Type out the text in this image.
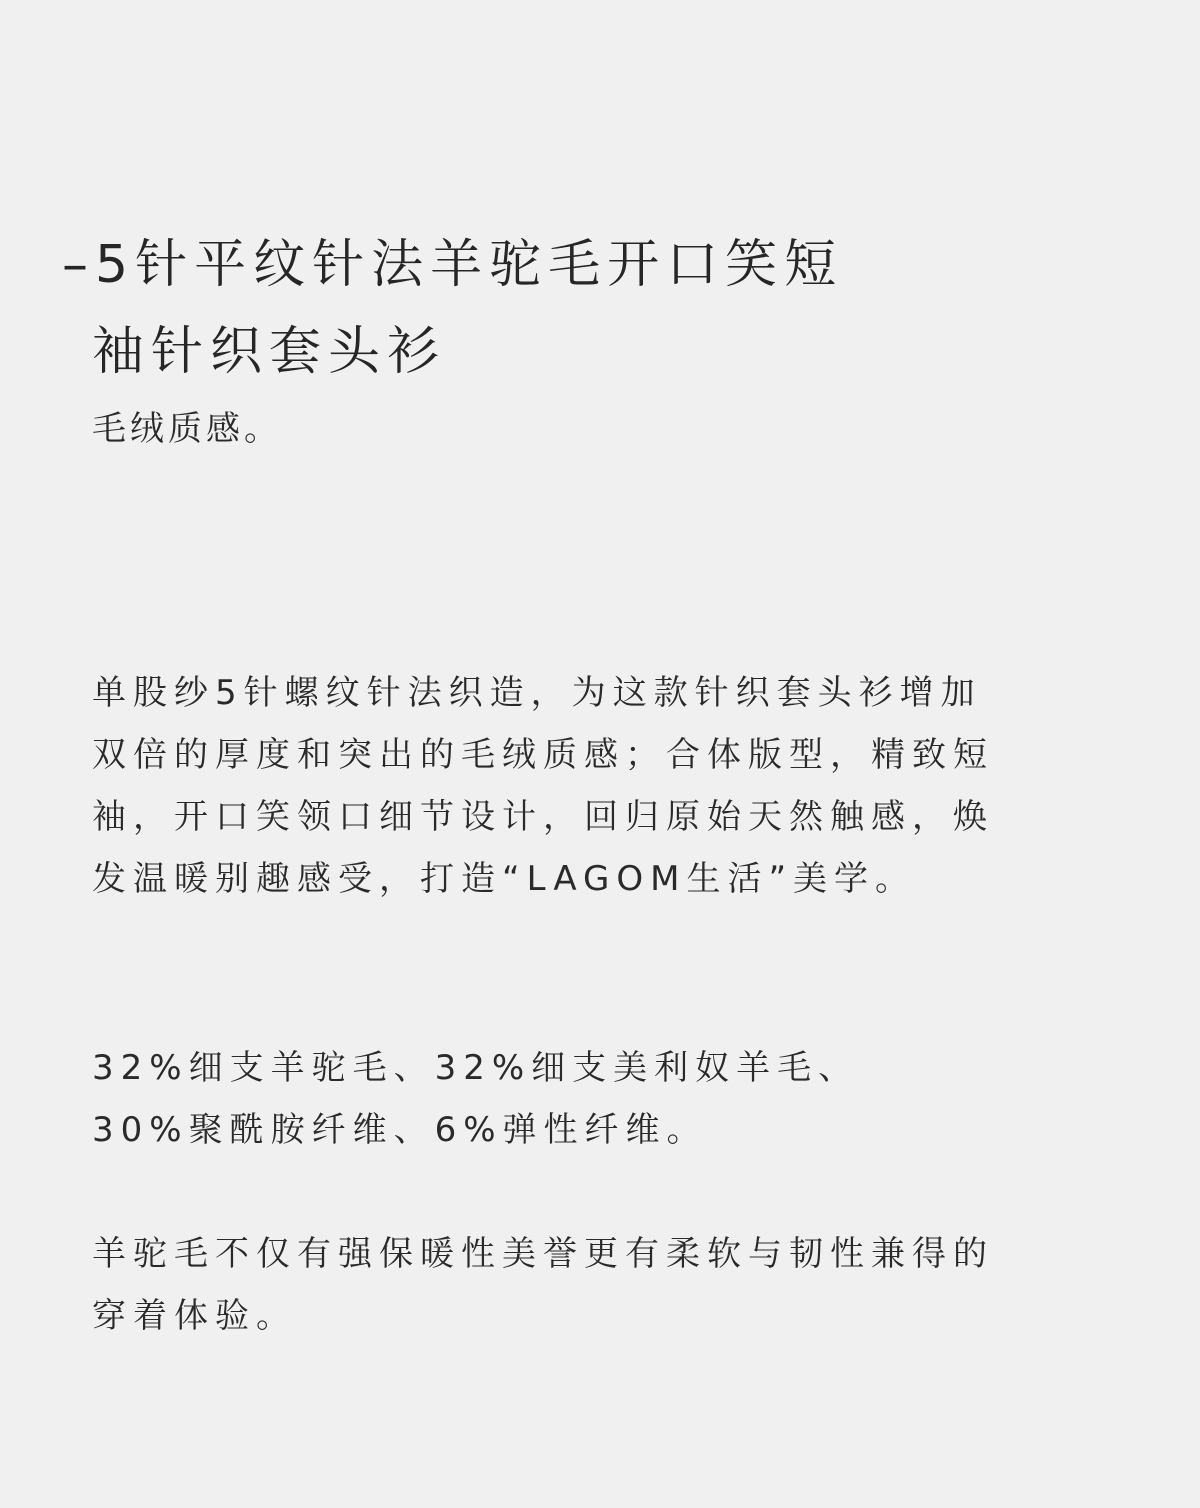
–5针平纹针法羊驼毛开口笑短
袖针织套头衫
毛绒质感。
单股纱5针螺纹针法织造，为这款针织套头衫增加
双倍的厚度和突出的毛绒质感；合体版型，精致短
袖，开口笑领口细节设计，回归原始天然触感，焕
发温暖别趣感受，打造“LAGOM生活”美学。
32%细支羊驼毛、32%细支美利奴羊毛、
30%聚酰胺纤维、6%弹性纤维。
羊驼毛不仅有强保暖性美誉更有柔软与韧性兼得的
穿着体验。
